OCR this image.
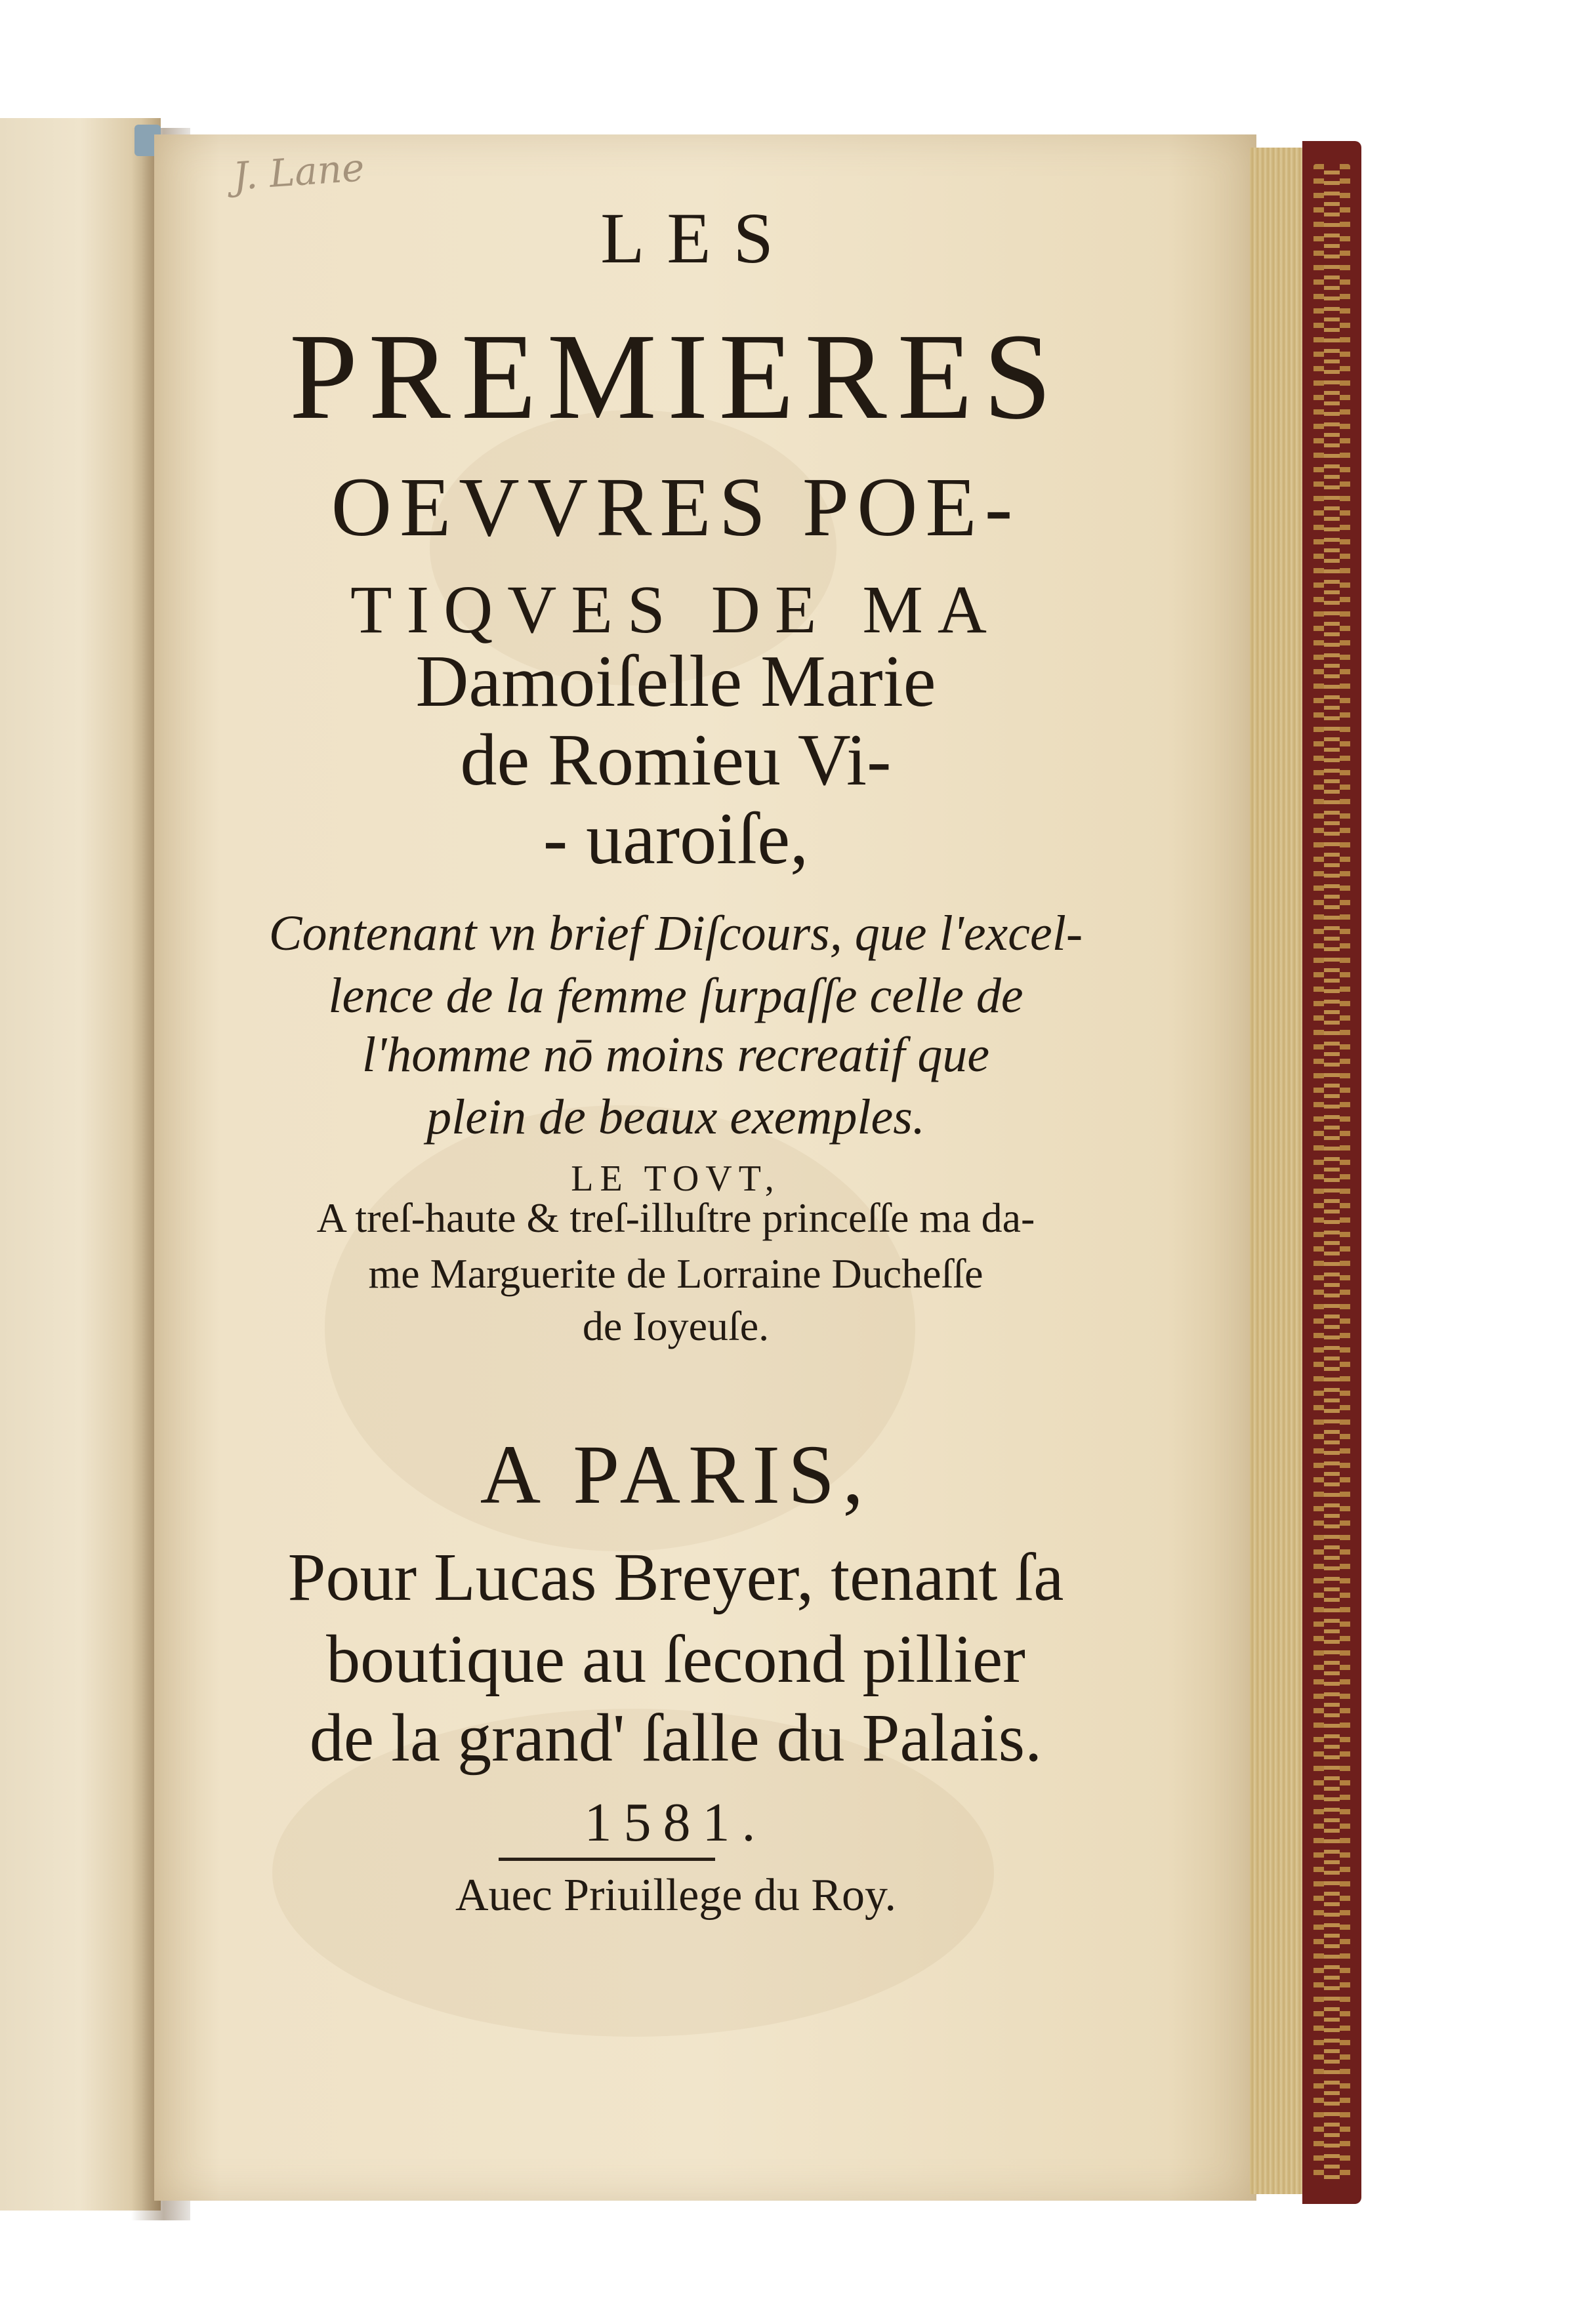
J. Lane
LES
PREMIERES
OEVVRES POE-
TIQVES DE MA
Damoiſelle Marie
de Romieu Vi-
- uaroiſe,
Contenant vn brief Diſcours, que l'excel-
lence de la femme ſurpaſſe celle de
l'homme nō moins recreatif que
plein de beaux exemples.
LE TOVT,
A treſ-haute & treſ-illuſtre princeſſe ma da-
me Marguerite de Lorraine Ducheſſe
de Ioyeuſe.
A PARIS,
Pour Lucas Breyer, tenant ſa
boutique au ſecond pillier
de la grand' ſalle du Palais.
1581.
Auec Priuillege du Roy.
